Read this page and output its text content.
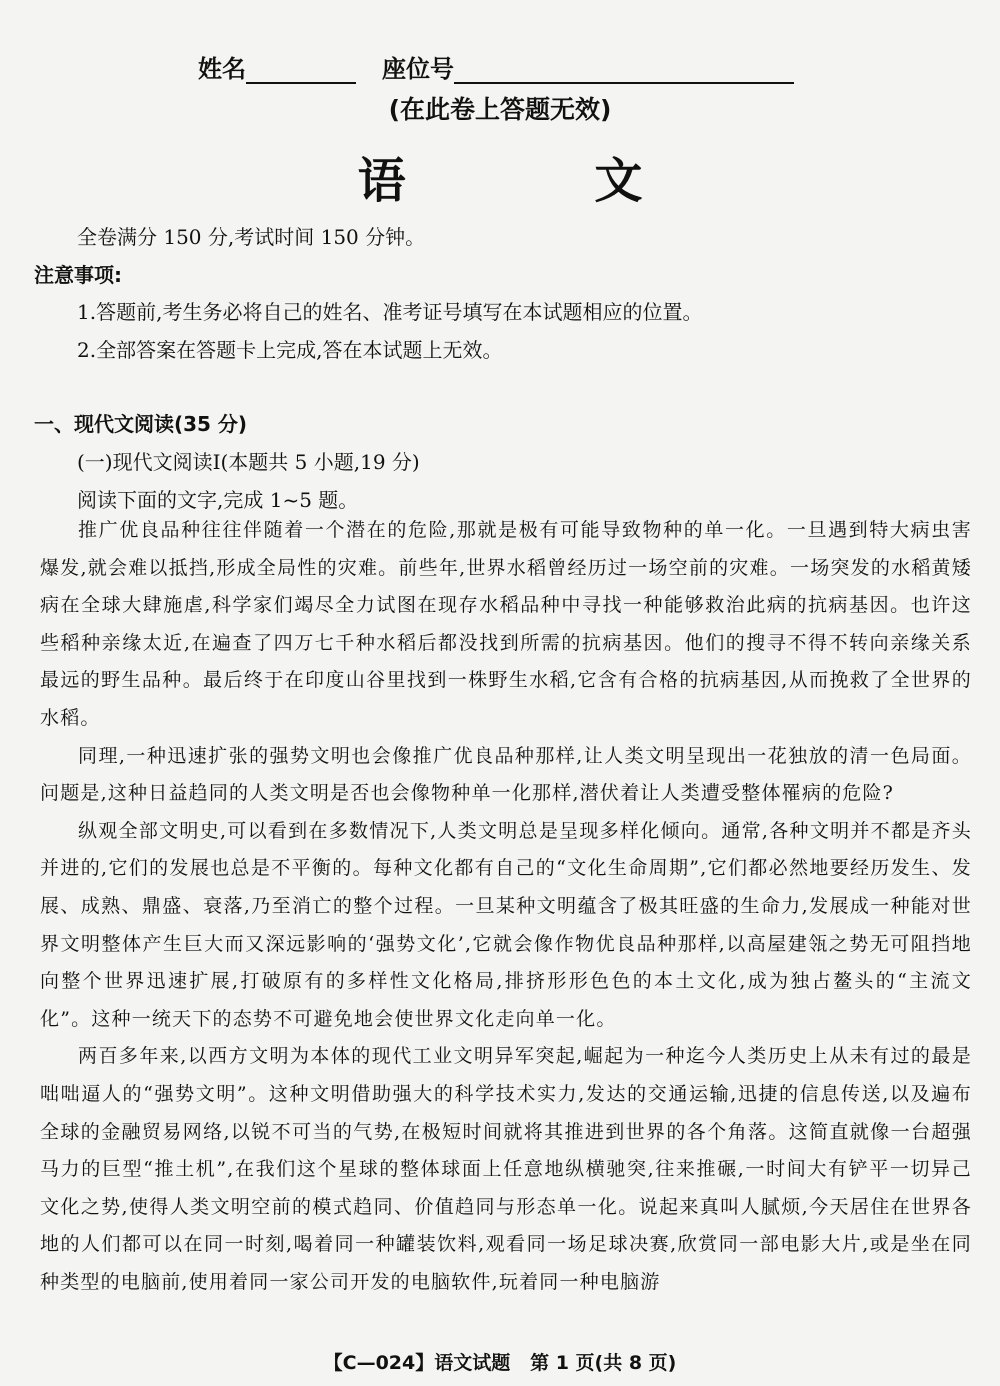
姓名	座位号
(在此卷上答题无效)
语 文
全卷满分 150 分,考试时间 150 分钟。
注意事项:
1.答题前,考生务必将自己的姓名、准考证号填写在本试题相应的位置。
2.全部答案在答题卡上完成,答在本试题上无效。
一、现代文阅读(35 分)
(一)现代文阅读Ⅰ(本题共 5 小题,19 分)
阅读下面的文字,完成 1~5 题。

推广优良品种往往伴随着一个潜在的危险,那就是极有可能导致物种的单一化。一旦遇到特大病虫害爆发,就会难以抵挡,形成全局性的灾难。前些年,世界水稻曾经历过一场空前的灾难。一场突发的水稻黄矮病在全球大肆施虐,科学家们竭尽全力试图在现存水稻品种中寻找一种能够救治此病的抗病基因。也许这些稻种亲缘太近,在遍查了四万七千种水稻后都没找到所需的抗病基因。他们的搜寻不得不转向亲缘关系最远的野生品种。最后终于在印度山谷里找到一株野生水稻,它含有合格的抗病基因,从而挽救了全世界的水稻。

同理,一种迅速扩张的强势文明也会像推广优良品种那样,让人类文明呈现出一花独放的清一色局面。问题是,这种日益趋同的人类文明是否也会像物种单一化那样,潜伏着让人类遭受整体罹病的危险?

纵观全部文明史,可以看到在多数情况下,人类文明总是呈现多样化倾向。通常,各种文明并不都是齐头并进的,它们的发展也总是不平衡的。每种文化都有自己的“文化生命周期”,它们都必然地要经历发生、发展、成熟、鼎盛、衰落,乃至消亡的整个过程。一旦某种文明蕴含了极其旺盛的生命力,发展成一种能对世界文明整体产生巨大而又深远影响的‘强势文化’,它就会像作物优良品种那样,以高屋建瓴之势无可阻挡地向整个世界迅速扩展,打破原有的多样性文化格局,排挤形形色色的本土文化,成为独占鳌头的“主流文化”。这种一统天下的态势不可避免地会使世界文化走向单一化。

两百多年来,以西方文明为本体的现代工业文明异军突起,崛起为一种迄今人类历史上从未有过的最是咄咄逼人的“强势文明”。这种文明借助强大的科学技术实力,发达的交通运输,迅捷的信息传送,以及遍布全球的金融贸易网络,以锐不可当的气势,在极短时间就将其推进到世界的各个角落。这简直就像一台超强马力的巨型“推土机”,在我们这个星球的整体球面上任意地纵横驰突,往来推碾,一时间大有铲平一切异己文化之势,使得人类文明空前的模式趋同、价值趋同与形态单一化。说起来真叫人腻烦,今天居住在世界各地的人们都可以在同一时刻,喝着同一种罐装饮料,观看同一场足球决赛,欣赏同一部电影大片,或是坐在同种类型的电脑前,使用着同一家公司开发的电脑软件,玩着同一种电脑游

【C—024】语文试题   第 1 页(共 8 页)
